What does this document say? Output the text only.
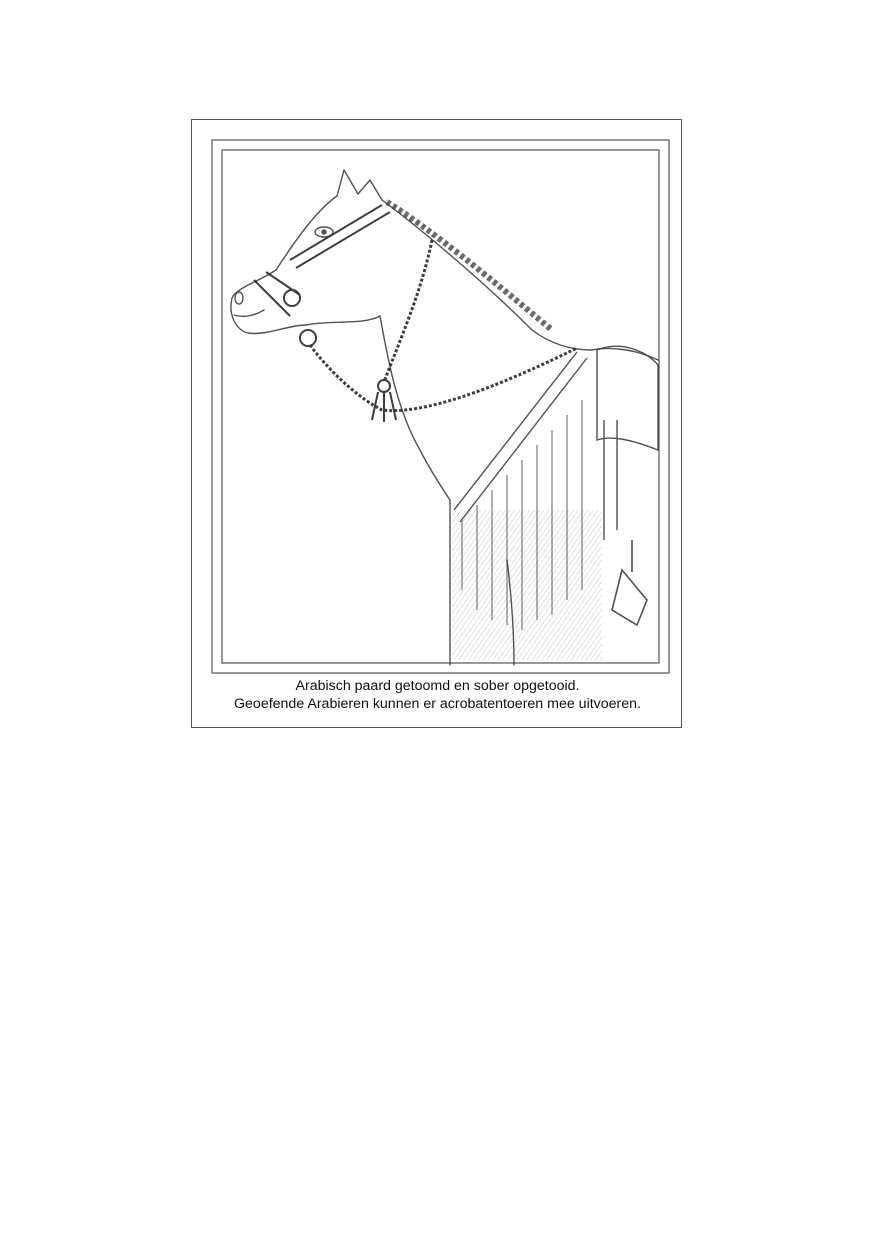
Arabisch paard getoomd en sober opgetooid.
Geoefende Arabieren kunnen er acrobatentoeren mee uitvoeren.
